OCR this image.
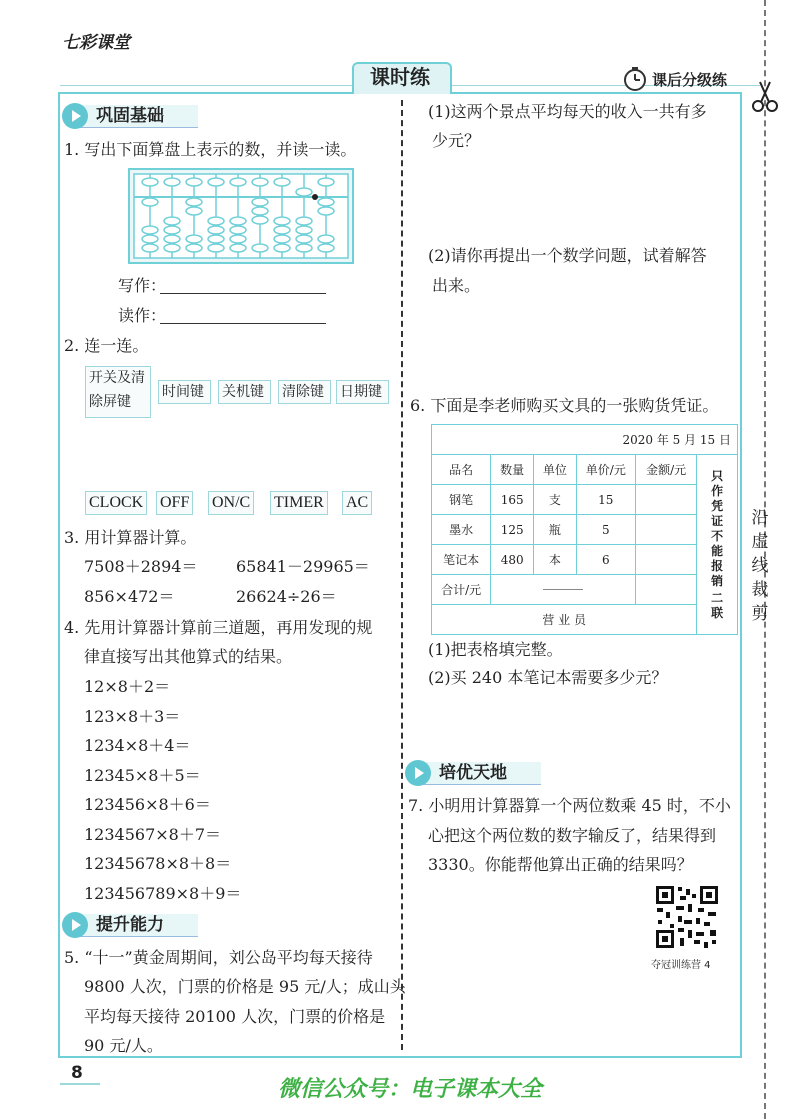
七彩课堂
课时练	课后分级练
沿虚线裁剪
巩固基础
1. 写出下面算盘上表示的数，并读一读。
写作：
读作：
2. 连一连。
开关及清
除屏键
时间键	关机键	清除键	日期键
CLOCK OFF ON/C TIMER AC
3. 用计算器计算。
7508＋2894＝ 65841－29965＝
856×472＝	26624÷26＝
4. 先用计算器计算前三道题，再用发现的规
律直接写出其他算式的结果。
12×8＋2＝
123×8＋3＝
1234×8＋4＝
12345×8＋5＝
123456×8＋6＝
1234567×8＋7＝
12345678×8＋8＝
123456789×8＋9＝
提升能力
5. “十一”黄金周期间，刘公岛平均每天接待
9800 人次，门票的价格是 95 元/人；成山头
平均每天接待 20100 人次，门票的价格是
90 元/人。
(1)这两个景点平均每天的收入一共有多
少元？
(2)请你再提出一个数学问题，试着解答
出来。
6. 下面是李老师购买文具的一张购货凭证。
2020 年 5 月 15 日					
品名	数量	单位	单价/元	金额/元	只作凭证不能报销
二联

钢笔	165	支	15		
墨水	125	瓶	5		
笔记本	480	本	6		
合计/元				

营 业 员					
(1)把表格填完整。
(2)买 240 本笔记本需要多少元？
培优天地
7. 小明用计算器算一个两位数乘 45 时，不小
心把这个两位数的数字输反了，结果得到
3330。你能帮他算出正确的结果吗？
夺冠训练营 4
8
微信公众号：电子课本大全
